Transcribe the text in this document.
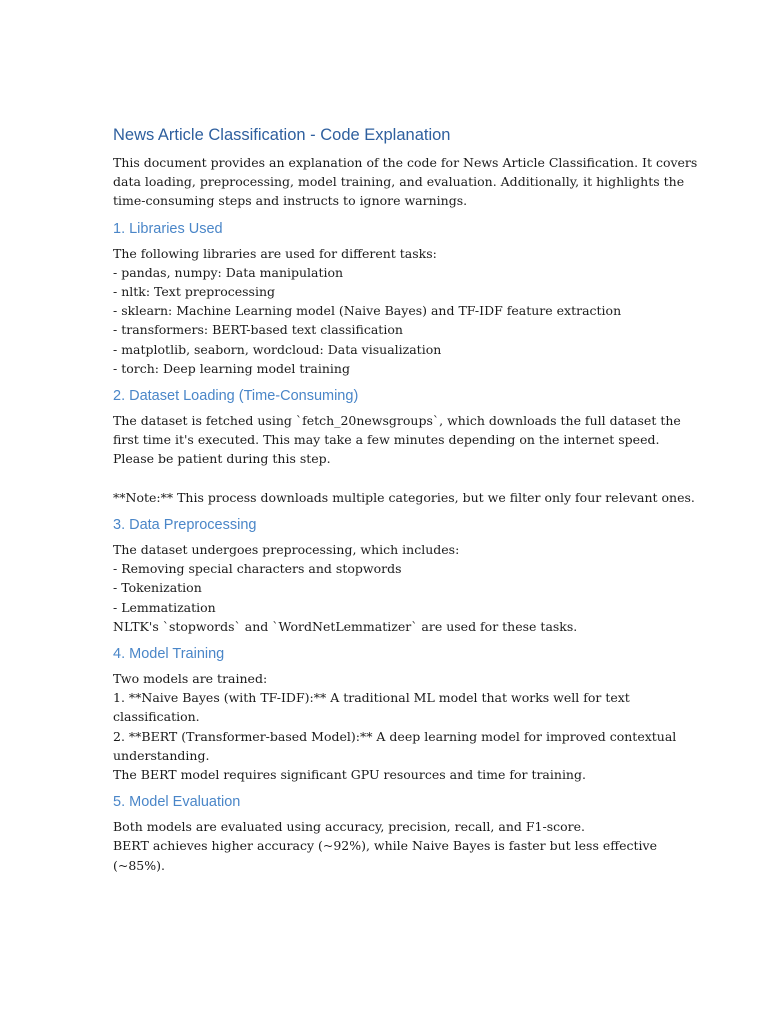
News Article Classification - Code Explanation
This document provides an explanation of the code for News Article Classification. It covers
data loading, preprocessing, model training, and evaluation. Additionally, it highlights the
time-consuming steps and instructs to ignore warnings.
1. Libraries Used
The following libraries are used for different tasks:
- pandas, numpy: Data manipulation
- nltk: Text preprocessing
- sklearn: Machine Learning model (Naive Bayes) and TF-IDF feature extraction
- transformers: BERT-based text classification
- matplotlib, seaborn, wordcloud: Data visualization
- torch: Deep learning model training
2. Dataset Loading (Time-Consuming)
The dataset is fetched using `fetch_20newsgroups`, which downloads the full dataset the
first time it's executed. This may take a few minutes depending on the internet speed.
Please be patient during this step.
**Note:** This process downloads multiple categories, but we filter only four relevant ones.
3. Data Preprocessing
The dataset undergoes preprocessing, which includes:
- Removing special characters and stopwords
- Tokenization
- Lemmatization
NLTK's `stopwords` and `WordNetLemmatizer` are used for these tasks.
4. Model Training
Two models are trained:
1. **Naive Bayes (with TF-IDF):** A traditional ML model that works well for text
classification.
2. **BERT (Transformer-based Model):** A deep learning model for improved contextual
understanding.
The BERT model requires significant GPU resources and time for training.
5. Model Evaluation
Both models are evaluated using accuracy, precision, recall, and F1-score.
BERT achieves higher accuracy (~92%), while Naive Bayes is faster but less effective
(~85%).
